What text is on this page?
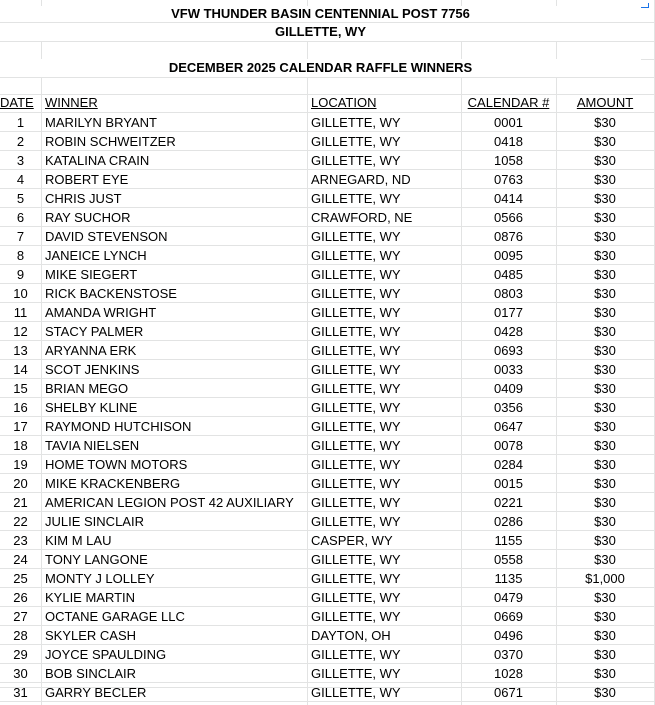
VFW THUNDER BASIN CENTENNIAL POST 7756
GILLETTE, WY
DECEMBER 2025 CALENDAR RAFFLE WINNERS
DATE WINNER	LOCATION	CALENDAR #	AMOUNT
1	MARILYN BRYANT	GILLETTE, WY	0001	$30
2	ROBIN SCHWEITZER	GILLETTE, WY	0418	$30
3	KATALINA CRAIN	GILLETTE, WY	1058	$30
4	ROBERT EYE	ARNEGARD, ND	0763	$30
5	CHRIS JUST	GILLETTE, WY	0414	$30
6	RAY SUCHOR	CRAWFORD, NE	0566	$30
7	DAVID STEVENSON	GILLETTE, WY	0876	$30
8	JANEICE LYNCH	GILLETTE, WY	0095	$30
9	MIKE SIEGERT	GILLETTE, WY	0485	$30
10	RICK BACKENSTOSE	GILLETTE, WY	0803	$30
11	AMANDA WRIGHT	GILLETTE, WY	0177	$30
12	STACY PALMER	GILLETTE, WY	0428	$30
13	ARYANNA ERK	GILLETTE, WY	0693	$30
14	SCOT JENKINS	GILLETTE, WY	0033	$30
15	BRIAN MEGO	GILLETTE, WY	0409	$30
16	SHELBY KLINE	GILLETTE, WY	0356	$30
17	RAYMOND HUTCHISON	GILLETTE, WY	0647	$30
18	TAVIA NIELSEN	GILLETTE, WY	0078	$30
19	HOME TOWN MOTORS	GILLETTE, WY	0284	$30
20	MIKE KRACKENBERG	GILLETTE, WY	0015	$30
21	AMERICAN LEGION POST 42 AUXILIARY	GILLETTE, WY	0221	$30
22	JULIE SINCLAIR	GILLETTE, WY	0286	$30
23	KIM M LAU	CASPER, WY	1155	$30
24	TONY LANGONE	GILLETTE, WY	0558	$30
25	MONTY J LOLLEY	GILLETTE, WY	1135	$1,000
26	KYLIE MARTIN	GILLETTE, WY	0479	$30
27	OCTANE GARAGE LLC	GILLETTE, WY	0669	$30
28	SKYLER CASH	DAYTON, OH	0496	$30
29	JOYCE SPAULDING	GILLETTE, WY	0370	$30
30	BOB SINCLAIR	GILLETTE, WY	1028	$30
31	GARRY BECLER	GILLETTE, WY	0671	$30
